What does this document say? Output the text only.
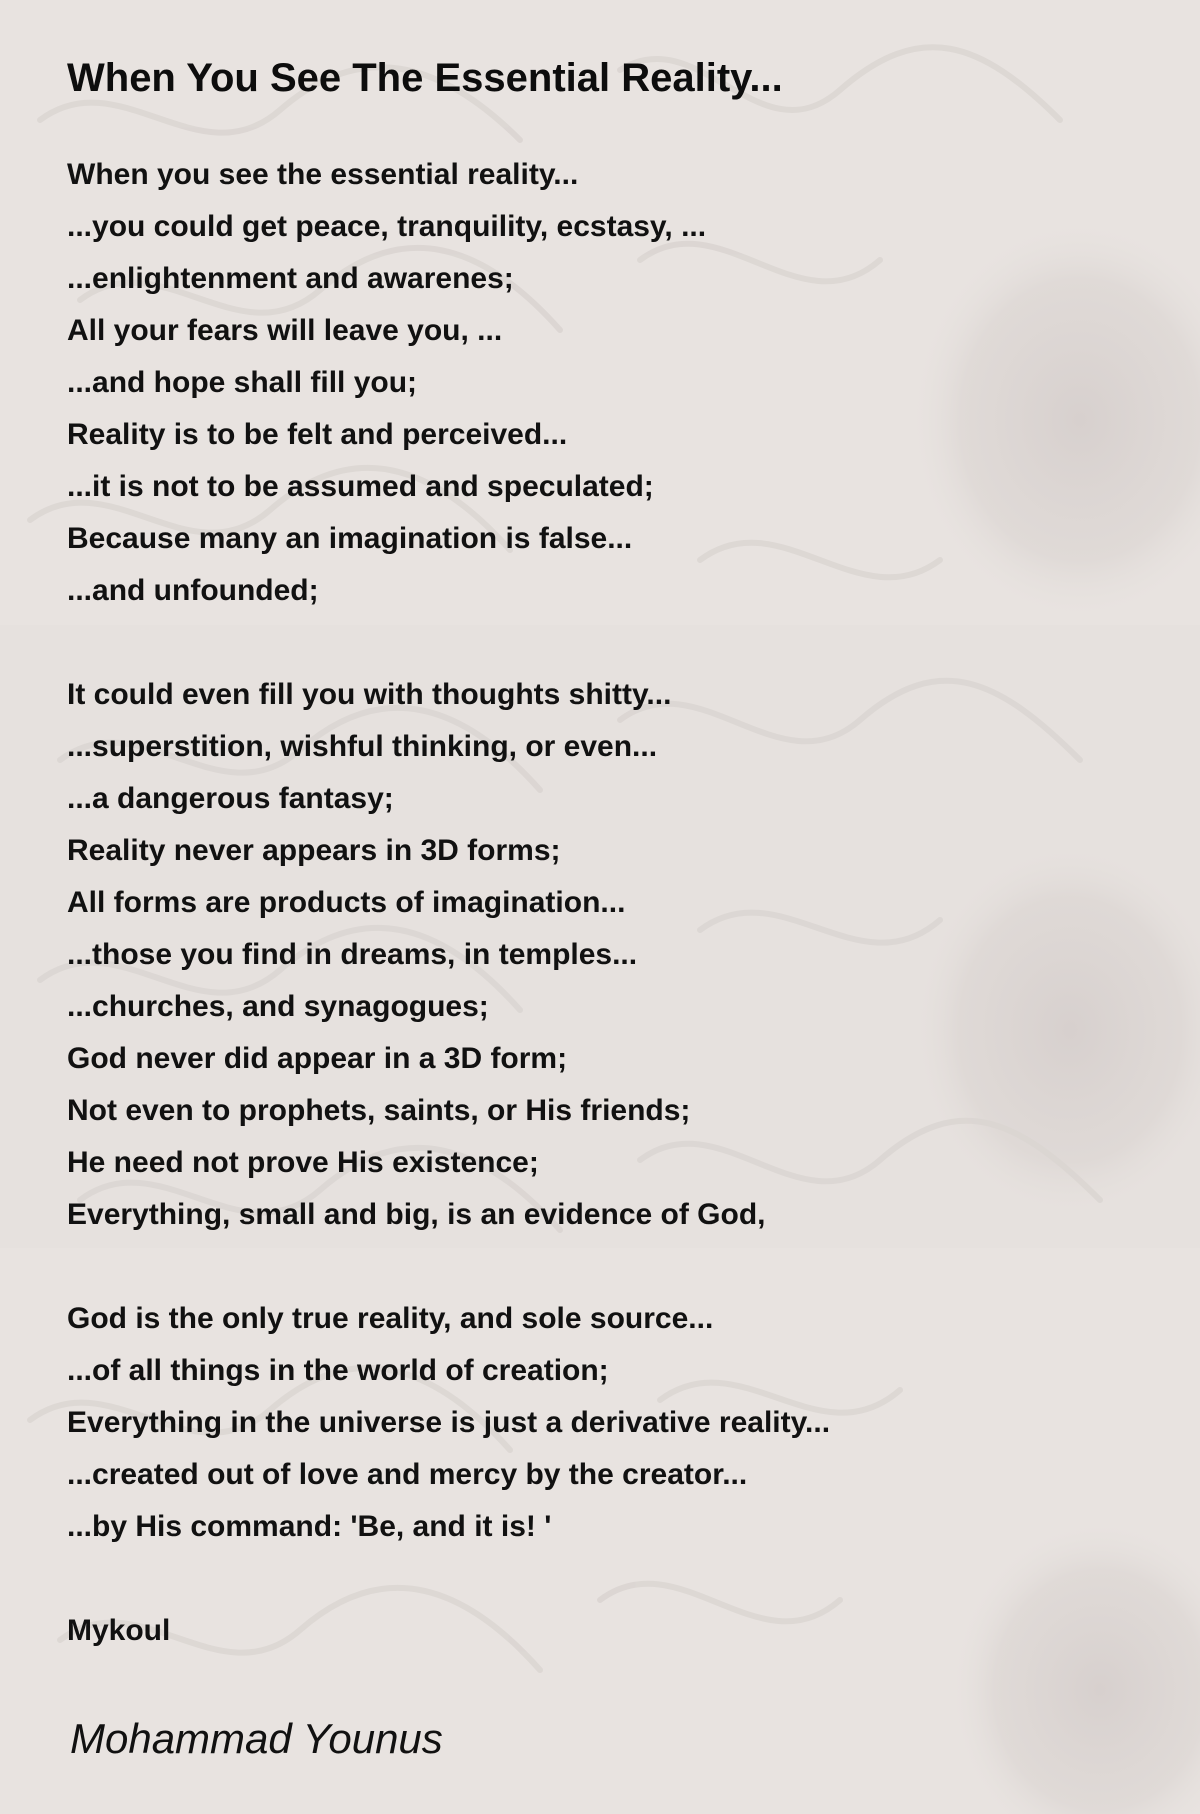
When You See The Essential Reality...
When you see the essential reality...
...you could get peace, tranquility, ecstasy, ...
...enlightenment and awarenes;
All your fears will leave you, ...
...and hope shall fill you;
Reality is to be felt and perceived...
...it is not to be assumed and speculated;
Because many an imagination is false...
...and unfounded;
It could even fill you with thoughts shitty...
...superstition, wishful thinking, or even...
...a dangerous fantasy;
Reality never appears in 3D forms;
All forms are products of imagination...
...those you find in dreams, in temples...
...churches, and synagogues;
God never did appear in a 3D form;
Not even to prophets, saints, or His friends;
He need not prove His existence;
Everything, small and big, is an evidence of God,
God is the only true reality, and sole source...
...of all things in the world of creation;
Everything in the universe is just a derivative reality...
...created out of love and mercy by the creator...
...by His command: 'Be, and it is! '
Mykoul

Mohammad Younus
